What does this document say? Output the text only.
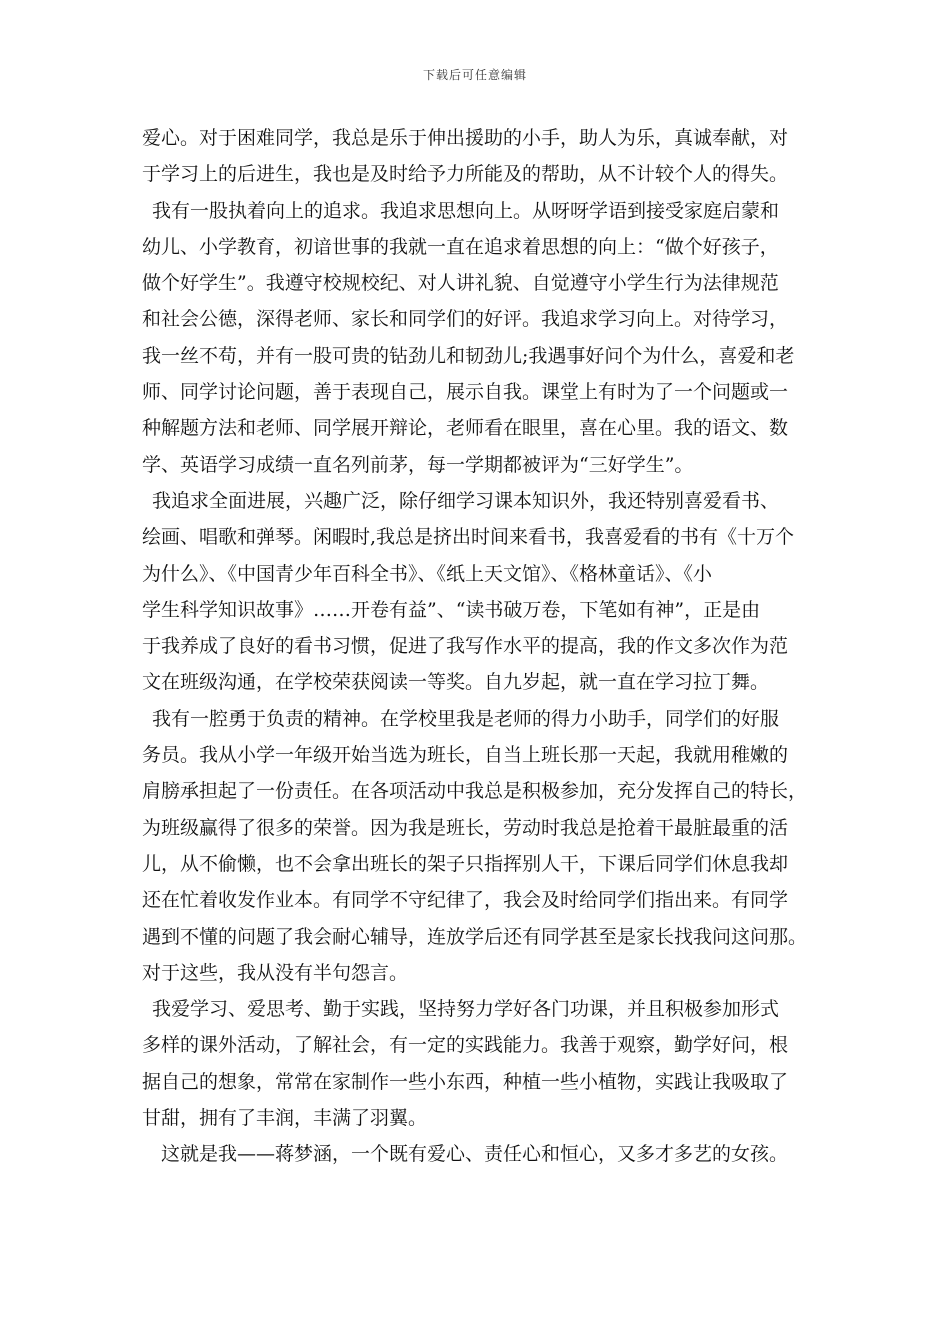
下载后可任意编辑
爱心。对于困难同学，我总是乐于伸出援助的小手，助人为乐，真诚奉献，对
于学习上的后进生，我也是及时给予力所能及的帮助，从不计较个人的得失。
我有一股执着向上的追求。我追求思想向上。从呀呀学语到接受家庭启蒙和
幼儿、小学教育，初谙世事的我就一直在追求着思想的向上：“做个好孩子，
做个好学生”。我遵守校规校纪、对人讲礼貌、自觉遵守小学生行为法律规范
和社会公德，深得老师、家长和同学们的好评。我追求学习向上。对待学习，
我一丝不苟，并有一股可贵的钻劲儿和韧劲儿;我遇事好问个为什么，喜爱和老
师、同学讨论问题，善于表现自己，展示自我。课堂上有时为了一个问题或一
种解题方法和老师、同学展开辩论，老师看在眼里，喜在心里。我的语文、数
学、英语学习成绩一直名列前茅，每一学期都被评为“三好学生”。
我追求全面进展，兴趣广泛，除仔细学习课本知识外，我还特别喜爱看书、
绘画、唱歌和弹琴。闲暇时,我总是挤出时间来看书，我喜爱看的书有《十万个
为什么》、《中国青少年百科全书》、《纸上天文馆》、《格林童话》、《小
学生科学知识故事》……开卷有益”、“读书破万卷，下笔如有神”，正是由
于我养成了良好的看书习惯，促进了我写作水平的提高，我的作文多次作为范
文在班级沟通，在学校荣获阅读一等奖。自九岁起，就一直在学习拉丁舞。
我有一腔勇于负责的精神。在学校里我是老师的得力小助手，同学们的好服
务员。我从小学一年级开始当选为班长，自当上班长那一天起，我就用稚嫩的
肩膀承担起了一份责任。在各项活动中我总是积极参加，充分发挥自己的特长，
为班级赢得了很多的荣誉。因为我是班长，劳动时我总是抢着干最脏最重的活
儿，从不偷懒，也不会拿出班长的架子只指挥别人干，下课后同学们休息我却
还在忙着收发作业本。有同学不守纪律了，我会及时给同学们指出来。有同学
遇到不懂的问题了我会耐心辅导，连放学后还有同学甚至是家长找我问这问那。
对于这些，我从没有半句怨言。
我爱学习、爱思考、勤于实践，坚持努力学好各门功课，并且积极参加形式
多样的课外活动，了解社会，有一定的实践能力。我善于观察，勤学好问，根
据自己的想象，常常在家制作一些小东西，种植一些小植物，实践让我吸取了
甘甜，拥有了丰润，丰满了羽翼。
这就是我——蒋梦涵，一个既有爱心、责任心和恒心，又多才多艺的女孩。
